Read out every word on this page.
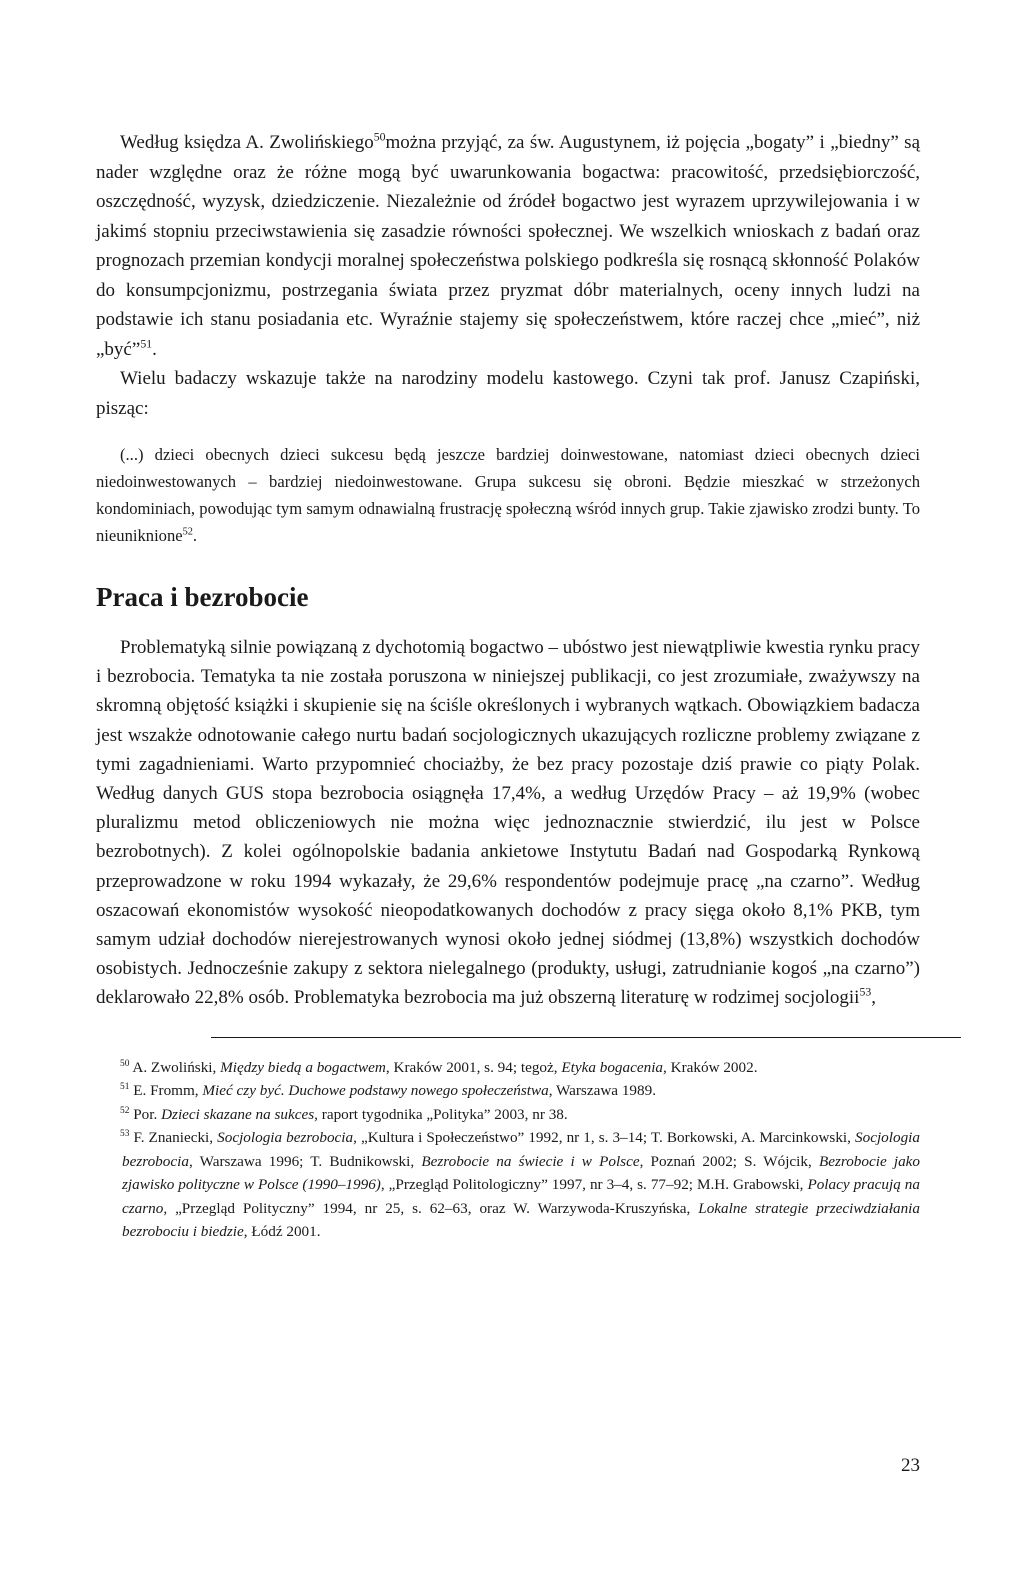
Według księdza A. Zwolińskiego$^{50}$można przyjąć, za św. Augustynem, iż pojęcia „bogaty” i „biedny” są nader względne oraz że różne mogą być uwarunkowania bogactwa: pracowitość, przedsiębiorczość, oszczędność, wyzysk, dziedziczenie. Niezależnie od źródeł bogactwo jest wyrazem uprzywilejowania i w jakimś stopniu przeciwstawienia się zasadzie równości społecznej. We wszelkich wnioskach z badań oraz prognozach przemian kondycji moralnej społeczeństwa polskiego podkreśla się rosnącą skłonność Polaków do konsumpcjonizmu, postrzegania świata przez pryzmat dóbr materialnych, oceny innych ludzi na podstawie ich stanu posiadania etc. Wyraźnie stajemy się społeczeństwem, które raczej chce „mieć”, niż „być”$^{51}$.

Wielu badaczy wskazuje także na narodziny modelu kastowego. Czyni tak prof. Janusz Czapiński, pisząc:

(...) dzieci obecnych dzieci sukcesu będą jeszcze bardziej doinwestowane, natomiast dzieci obecnych dzieci niedoinwestowanych – bardziej niedoinwestowane. Grupa sukcesu się obroni. Będzie mieszkać w strzeżonych kondominiach, powodując tym samym odnawialną frustrację społeczną wśród innych grup. Takie zjawisko zrodzi bunty. To nieuniknione$^{52}$.

Praca i bezrobocie

Problematyką silnie powiązaną z dychotomią bogactwo – ubóstwo jest niewątpliwie kwestia rynku pracy i bezrobocia. Tematyka ta nie została poruszona w niniejszej publikacji, co jest zrozumiałe, zważywszy na skromną objętość książki i skupienie się na ściśle określonych i wybranych wątkach. Obowiązkiem badacza jest wszakże odnotowanie całego nurtu badań socjologicznych ukazujących rozliczne problemy związane z tymi zagadnieniami. Warto przypomnieć chociażby, że bez pracy pozostaje dziś prawie co piąty Polak. Według danych GUS stopa bezrobocia osiągnęła 17,4%, a według Urzędów Pracy – aż 19,9% (wobec pluralizmu metod obliczeniowych nie można więc jednoznacznie stwierdzić, ilu jest w Polsce bezrobotnych). Z kolei ogólnopolskie badania ankietowe Instytutu Badań nad Gospodarką Rynkową przeprowadzone w roku 1994 wykazały, że 29,6% respondentów podejmuje pracę „na czarno”. Według oszacowań ekonomistów wysokość nieopodatkowanych dochodów z pracy sięga około 8,1% PKB, tym samym udział dochodów nierejestrowanych wynosi około jednej siódmej (13,8%) wszystkich dochodów osobistych. Jednocześnie zakupy z sektora nielegalnego (produkty, usługi, zatrudnianie kogoś „na czarno”) deklarowało 22,8% osób. Problematyka bezrobocia ma już obszerną literaturę w rodzimej socjologii$^{53}$,

$^{50}$ A. Zwoliński, Między biedą a bogactwem, Kraków 2001, s. 94; tegoż, Etyka bogacenia, Kraków 2002.

$^{51}$ E. Fromm, Mieć czy być. Duchowe podstawy nowego społeczeństwa, Warszawa 1989.

$^{52}$ Por. Dzieci skazane na sukces, raport tygodnika „Polityka” 2003, nr 38.

$^{53}$ F. Znaniecki, Socjologia bezrobocia, „Kultura i Społeczeństwo” 1992, nr 1, s. 3–14; T. Borkowski, A. Marcinkowski, Socjologia bezrobocia, Warszawa 1996; T. Budnikowski, Bezrobocie na świecie i w Polsce, Poznań 2002; S. Wójcik, Bezrobocie jako zjawisko polityczne w Polsce (1990–1996), „Przegląd Politologiczny” 1997, nr 3–4, s. 77–92; M.H. Grabowski, Polacy pracują na czarno, „Przegląd Polityczny” 1994, nr 25, s. 62–63, oraz W. Warzywoda-Kruszyńska, Lokalne strategie przeciwdziałania bezrobociu i biedzie, Łódź 2001.

23
